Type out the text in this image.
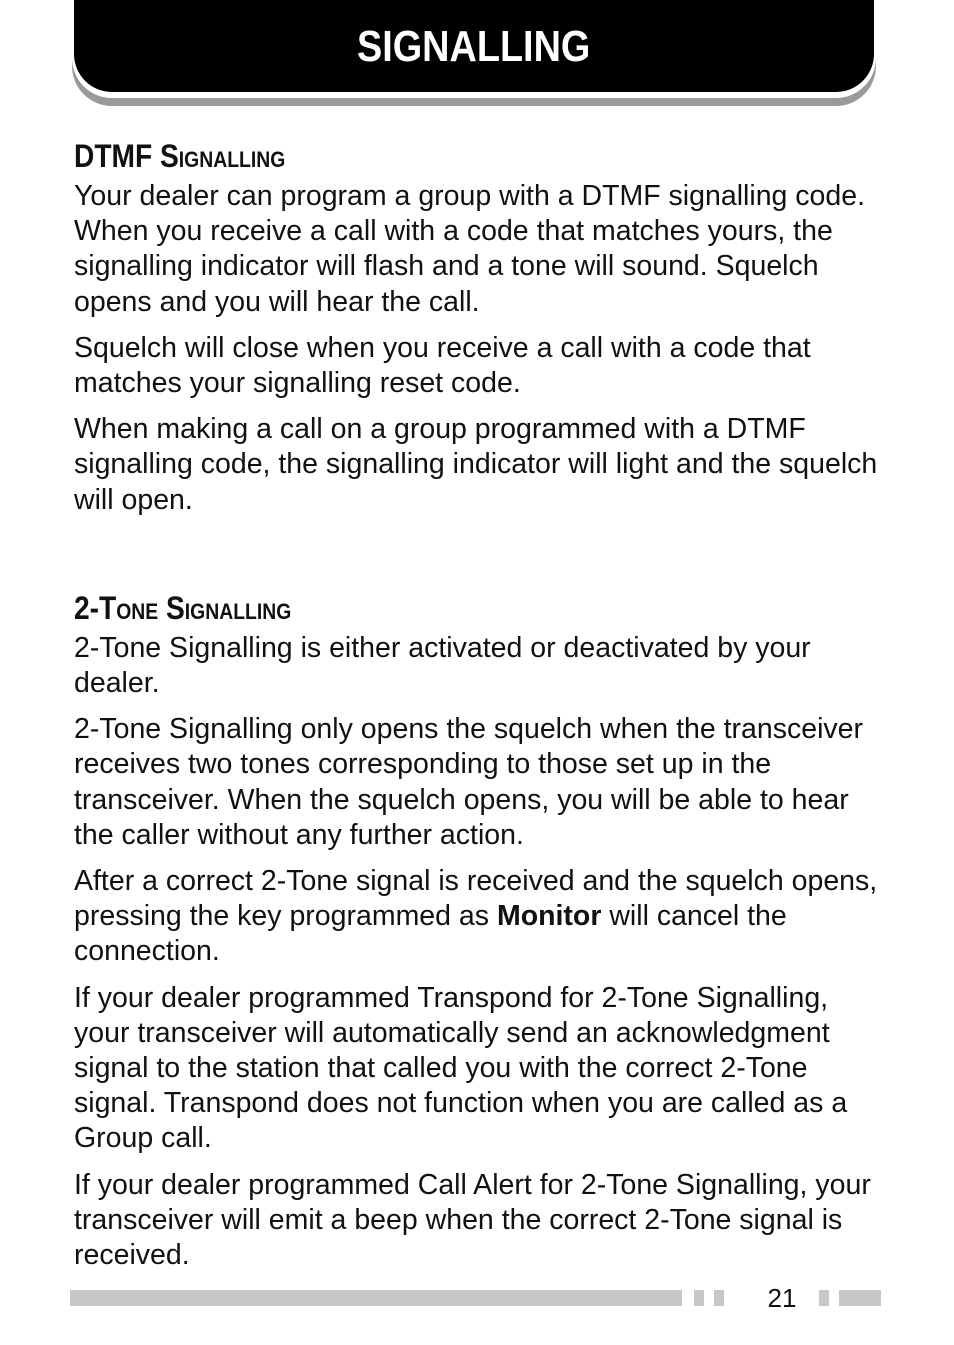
SIGNALLING
DTMF Signalling

Your dealer can program a group with a DTMF signalling code. When you receive a call with a code that matches yours, the signalling indicator will flash and a tone will sound. Squelch opens and you will hear the call.

Squelch will close when you receive a call with a code that matches your signalling reset code.

When making a call on a group programmed with a DTMF signalling code, the signalling indicator will light and the squelch will open.

2-Tone Signalling

2-Tone Signalling is either activated or deactivated by your dealer.

2-Tone Signalling only opens the squelch when the transceiver receives two tones corresponding to those set up in the transceiver. When the squelch opens, you will be able to hear the caller without any further action.

After a correct 2-Tone signal is received and the squelch opens, pressing the key programmed as Monitor will cancel the connection.

If your dealer programmed Transpond for 2-Tone Signalling, your transceiver will automatically send an acknowledgment signal to the station that called you with the correct 2-Tone signal. Transpond does not function when you are called as a Group call.

If your dealer programmed Call Alert for 2-Tone Signalling, your transceiver will emit a beep when the correct 2-Tone signal is received.

21
